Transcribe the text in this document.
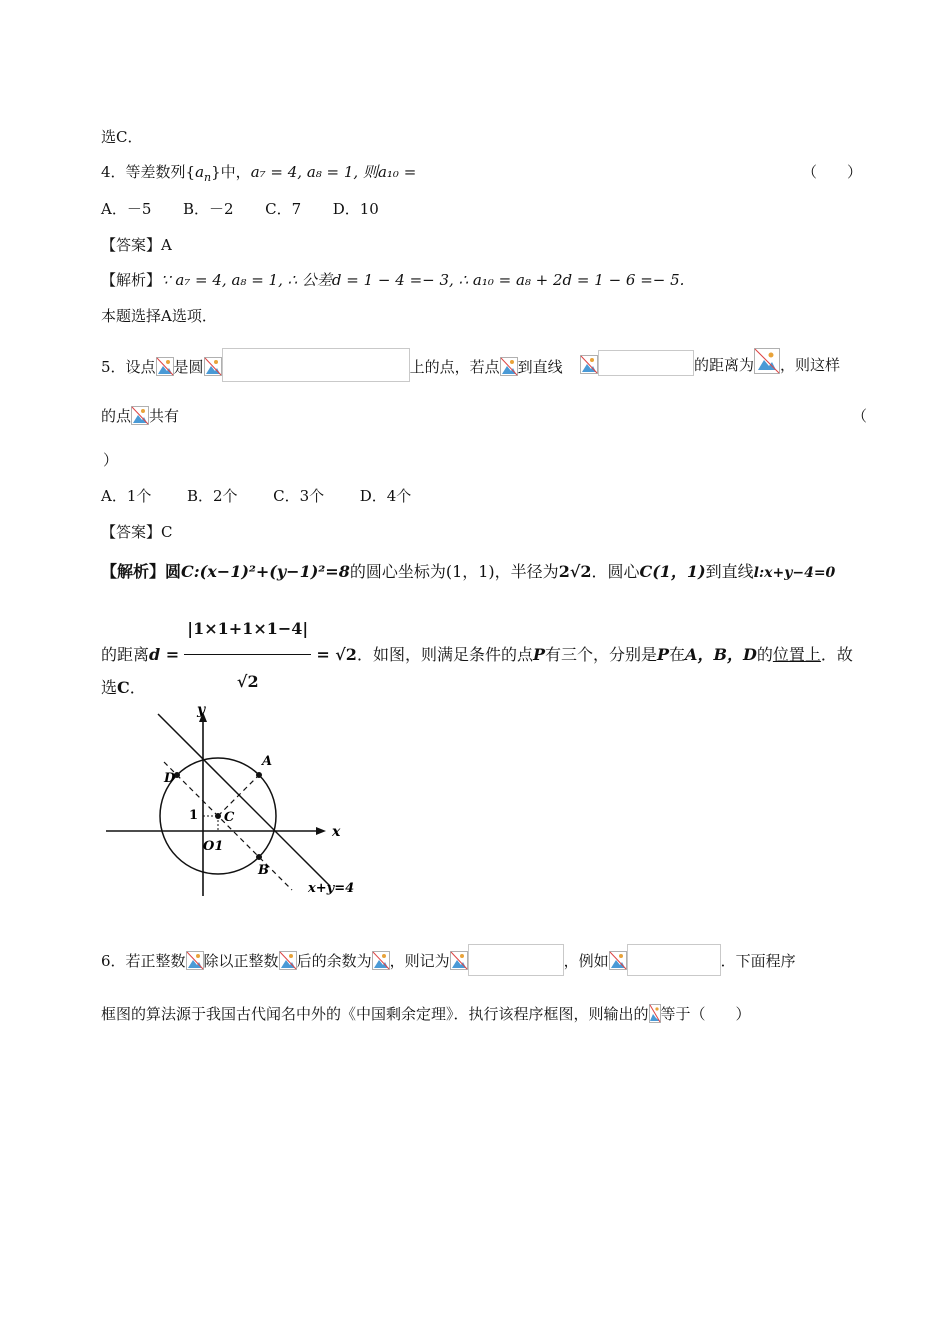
选C．
4．等差数列$\{a_n\}$中，a₇ = 4, a₈ = 1, 则a₁₀ =	（　　）
A．－5 B．－2 C．7 D．10
【答案】A
【解析】∵ a₇ = 4, a₈ = 1, ∴ 公差d = 1 − 4 =− 3, ∴ a₁₀ = a₈ + 2d = 1 − 6 =− 5.
本题选择A选项．
5．设点 是圆	上的点，若点 到直线	的距离为 ，则这样
的点 共有	（
）
A．1个 B．2个 C．3个 D．4个
【答案】C
【解析】圆C:(x−1)²+(y−1)²=8的圆心坐标为(1，1)，半径为2√2．圆心C(1，1)到直线l:x+y−4=0
的距离$d = \frac{|1\times 1+1\times 1-4|}{√2} = √2$．如图，则满足条件的点P有三个，分别是P在A，B，D的位置上．故
选C．
y
x
A
B
C
D
1
O1
x+y=4
6．若正整数 除以正整数 后的余数为 ，则记为	，例如	．下面程序
框图的算法源于我国古代闻名中外的《中国剩余定理》．执行该程序框图，则输出的 等于（　　）
